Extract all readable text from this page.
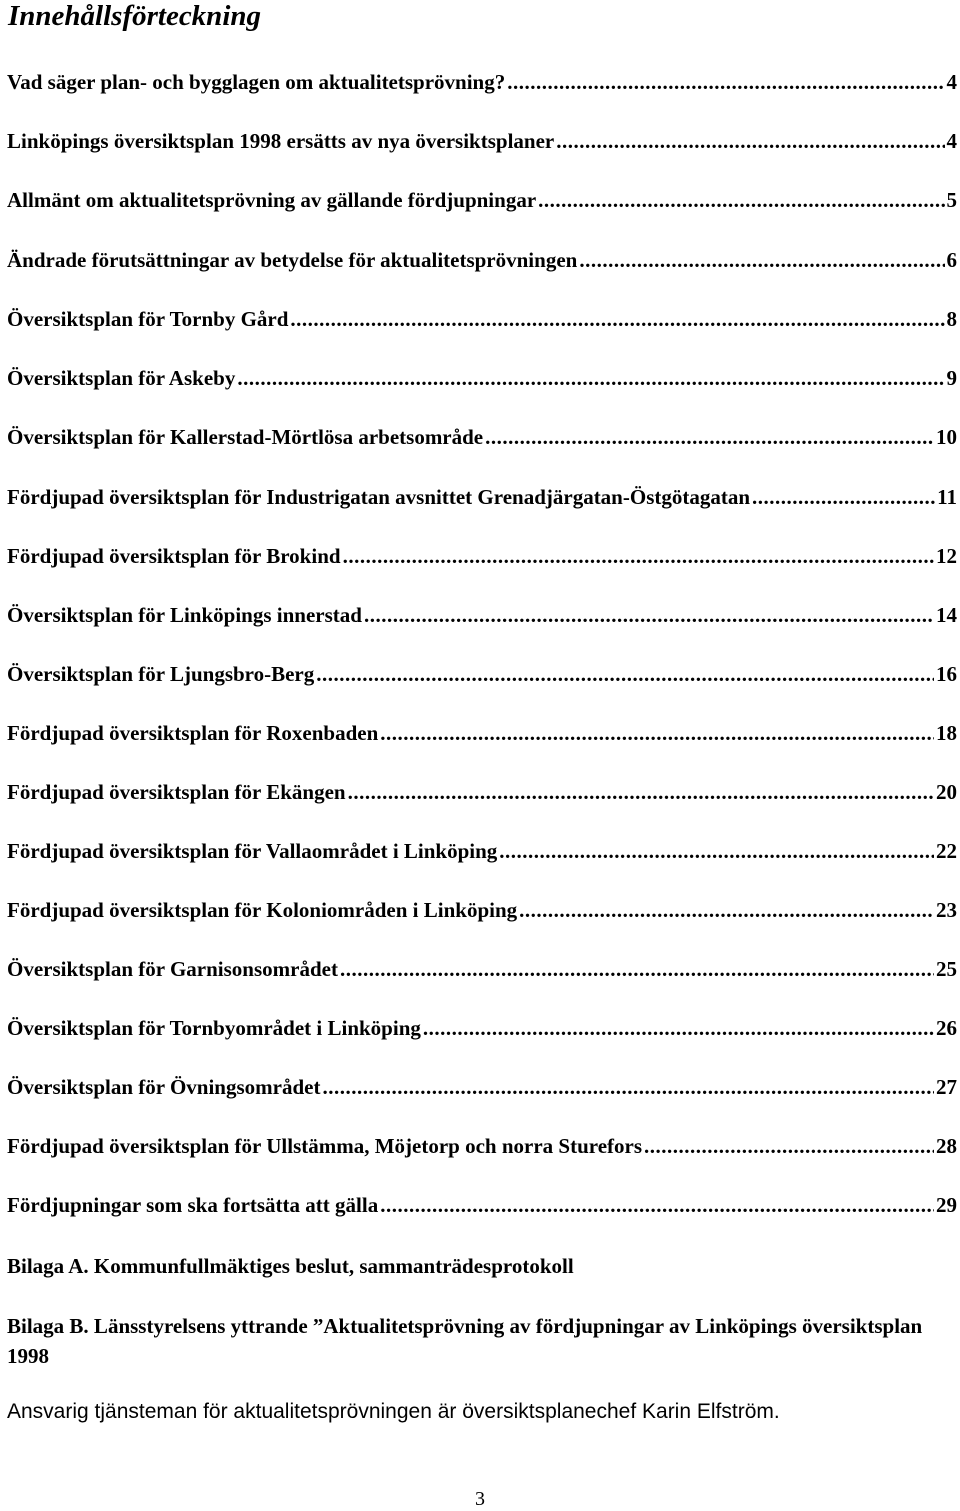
Innehållsförteckning
Vad säger plan- och bygglagen om aktualitetsprövning? .....	4
Linköpings översiktsplan 1998 ersätts av nya översiktsplaner .....	4
Allmänt om aktualitetsprövning av gällande fördjupningar .....	5
Ändrade förutsättningar av betydelse för aktualitetsprövningen .....	6
Översiktsplan för Tornby Gård .....	8
Översiktsplan för Askeby .....	9
Översiktsplan för Kallerstad-Mörtlösa arbetsområde .....	10
Fördjupad översiktsplan för Industrigatan avsnittet Grenadjärgatan-Östgötagatan .....	11
Fördjupad översiktsplan för Brokind .....	12
Översiktsplan för Linköpings innerstad .....	14
Översiktsplan för Ljungsbro-Berg .....	16
Fördjupad översiktsplan för Roxenbaden .....	18
Fördjupad översiktsplan för Ekängen .....	20
Fördjupad översiktsplan för Vallaområdet i Linköping .....	22
Fördjupad översiktsplan för Koloniområden i Linköping .....	23
Översiktsplan för Garnisonsområdet .....	25
Översiktsplan för Tornbyområdet i Linköping .....	26
Översiktsplan för Övningsområdet .....	27
Fördjupad översiktsplan för Ullstämma, Möjetorp och norra Sturefors .....	28
Fördjupningar som ska fortsätta att gälla .....	29
Bilaga A. Kommunfullmäktiges beslut, sammanträdesprotokoll
Bilaga B. Länsstyrelsens yttrande ”Aktualitetsprövning av fördjupningar av Linköpings översiktsplan 1998
Ansvarig tjänsteman för aktualitetsprövningen är översiktsplanechef Karin Elfström.
3
